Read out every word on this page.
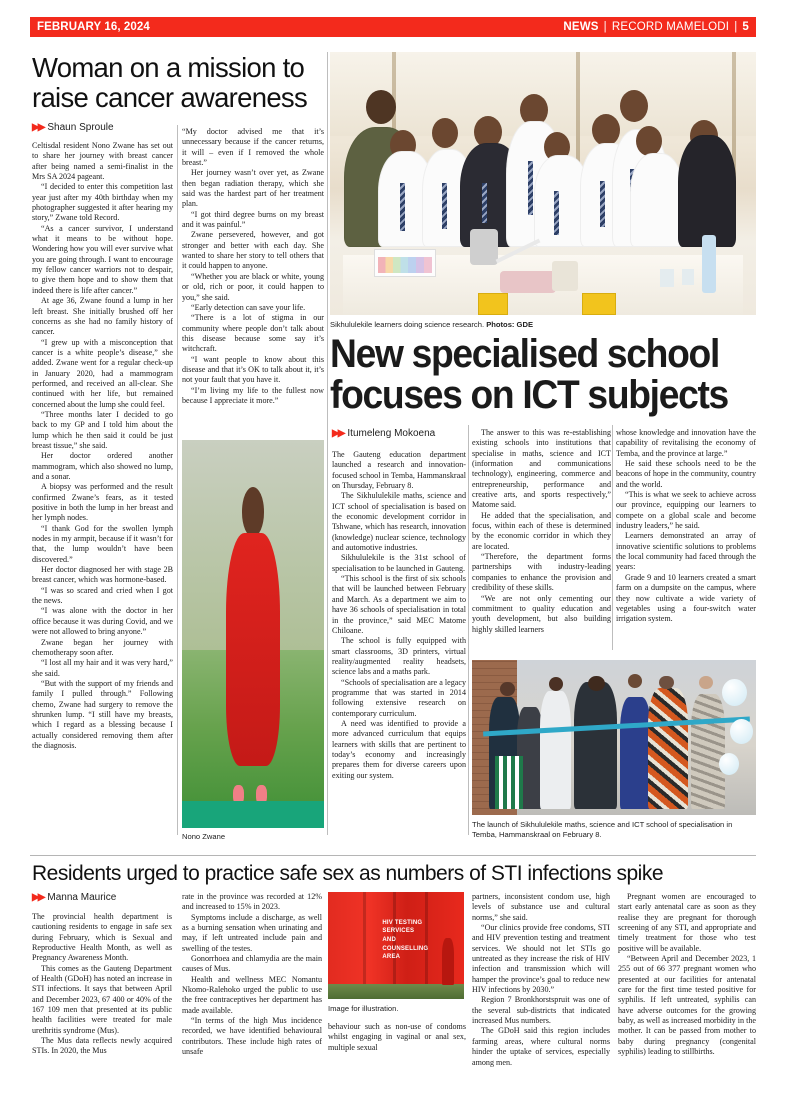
FEBRUARY 16, 2024	NEWS | RECORD MAMELODI | 5
Woman on a mission to raise cancer awareness
▶▶ Shaun Sproule

Celtisdal resident Nono Zwane has set out to share her journey with breast cancer after being named a semi-finalist in the Mrs SA 2024 pageant.

“I decided to enter this competition last year just after my 40th birthday when my photographer suggested it after hearing my story,” Zwane told Record.

“As a cancer survivor, I understand what it means to be without hope. Wondering how you will ever survive what you are going through. I want to encourage my fellow cancer warriors not to despair, to give them hope and to show them that indeed there is life after cancer.”

At age 36, Zwane found a lump in her left breast. She initially brushed off her concerns as she had no family history of cancer.

“I grew up with a misconception that cancer is a white people’s disease,” she added. Zwane went for a regular check-up in January 2020, had a mammogram performed, and received an all-clear. She continued with her life, but remained concerned about the lump she could feel.

“Three months later I decided to go back to my GP and I told him about the lump which he then said it could be just breast tissue,” she said.

Her doctor ordered another mammogram, which also showed no lump, and a sonar.

A biopsy was performed and the result confirmed Zwane’s fears, as it tested positive in both the lump in her breast and her lymph nodes.

“I thank God for the swollen lymph nodes in my armpit, because if it wasn’t for that, the lump wouldn’t have been discovered.”

Her doctor diagnosed her with stage 2B breast cancer, which was hormone-based.

“I was so scared and cried when I got the news.

“I was alone with the doctor in her office because it was during Covid, and we were not allowed to bring anyone.”

Zwane began her journey with chemotherapy soon after.

“I lost all my hair and it was very hard,” she said.

“But with the support of my friends and family I pulled through.” Following chemo, Zwane had surgery to remove the shrunken lump. “I still have my breasts, which I regard as a blessing because I actually considered removing them after the diagnosis.

“My doctor advised me that it’s unnecessary because if the cancer returns, it will – even if I removed the whole breast.”

Her journey wasn’t over yet, as Zwane then began radiation therapy, which she said was the hardest part of her treatment plan.

“I got third degree burns on my breast and it was painful.”

Zwane persevered, however, and got stronger and better with each day. She wanted to share her story to tell others that it could happen to anyone.

“Whether you are black or white, young or old, rich or poor, it could happen to you,” she said.

“Early detection can save your life.

“There is a lot of stigma in our community where people don’t talk about this disease because some say it’s witchcraft.

“I want people to know about this disease and that it’s OK to talk about it, it’s not your fault that you have it.

“I’m living my life to the fullest now because I appreciate it more.”

Nono Zwane
Sikhululekile learners doing science research. Photos: GDE
New specialised school focuses on ICT subjects
▶▶ Itumeleng Mokoena

The Gauteng education department launched a research and innovation-focused school in Temba, Hammanskraal on Thursday, February 8.

The Sikhululekile maths, science and ICT school of specialisation is based on the economic development corridor in Tshwane, which has research, innovation (knowledge) nuclear science, technology and automotive industries.

Sikhululekile is the 31st school of specialisation to be launched in Gauteng.

“This school is the first of six schools that will be launched between February and March. As a department we aim to have 36 schools of specialisation in total in the province,” said MEC Matome Chiloane.

The school is fully equipped with smart classrooms, 3D printers, virtual reality/augmented reality headsets, science labs and a maths park.

“Schools of specialisation are a legacy programme that was started in 2014 following extensive research on contemporary curriculum.

A need was identified to provide a more advanced curriculum that equips learners with skills that are pertinent to today’s economy and increasingly prepares them for diverse careers upon exiting our system.

The answer to this was re-establishing existing schools into institutions that specialise in maths, science and ICT (information and communications technology), engineering, commerce and entrepreneurship, performance and creative arts, and sports respectively,” Matome said.

He added that the specialisation, and focus, within each of these is determined by the economic corridor in which they are located.

“Therefore, the department forms partnerships with industry-leading companies to enhance the provision and credibility of these skills.

“We are not only cementing our commitment to quality education and youth development, but also building highly skilled learners

whose knowledge and innovation have the capability of revitalising the economy of Temba, and the province at large.”

He said these schools need to be the beacons of hope in the community, country and the world.

“This is what we seek to achieve across our province, equipping our learners to compete on a global scale and become industry leaders,” he said.

Learners demonstrated an array of innovative scientific solutions to problems the local community had faced through the years:

Grade 9 and 10 learners created a smart farm on a dumpsite on the campus, where they now cultivate a wide variety of vegetables using a four-switch water irrigation system.

The launch of Sikhululekile maths, science and ICT school of specialisation in Temba, Hammanskraal on February 8.
Residents urged to practice safe sex as numbers of STI infections spike
▶▶ Manna Maurice

The provincial health department is cautioning residents to engage in safe sex during February, which is Sexual and Reproductive Health Month, as well as Pregnancy Awareness Month.

This comes as the Gauteng Department of Health (GDoH) has noted an increase in STI infections. It says that between April and December 2023, 67 400 or 40% of the 167 109 men that presented at its public health facilities were treated for male urethritis syndrome (Mus).

The Mus data reflects newly acquired STIs. In 2020, the Mus

rate in the province was recorded at 12% and increased to 15% in 2023.

Symptoms include a discharge, as well as a burning sensation when urinating and may, if left untreated include pain and swelling of the testes.

Gonorrhoea and chlamydia are the main causes of Mus.

Health and wellness MEC Nomantu Nkomo-Ralehoko urged the public to use the free contraceptives her department has made available.

“In terms of the high Mus incidence recorded, we have identified behavioural contributors. These include high rates of unsafe

HIV TESTING
SERVICES
AND
COUNSELLING
AREA
Image for illustration.

behaviour such as non-use of condoms whilst engaging in vaginal or anal sex, multiple sexual

partners, inconsistent condom use, high levels of substance use and cultural norms,” she said.

“Our clinics provide free condoms, STI and HIV prevention testing and treatment services. We should not let STIs go untreated as they increase the risk of HIV infection and transmission which will hamper the province’s goal to reduce new HIV infections by 2030.”

Region 7 Bronkhorstspruit was one of the several sub-districts that indicated increased Mus numbers.

The GDoH said this region includes farming areas, where cultural norms hinder the uptake of services, especially among men.

Pregnant women are encouraged to start early antenatal care as soon as they realise they are pregnant for thorough screening of any STI, and appropriate and timely treatment for those who test positive will be available.

“Between April and December 2023, 1 255 out of 66 377 pregnant women who presented at our facilities for antenatal care for the first time tested positive for syphilis. If left untreated, syphilis can have adverse outcomes for the growing baby, as well as increased morbidity in the mother. It can be passed from mother to baby during pregnancy (congenital syphilis) leading to stillbirths.
